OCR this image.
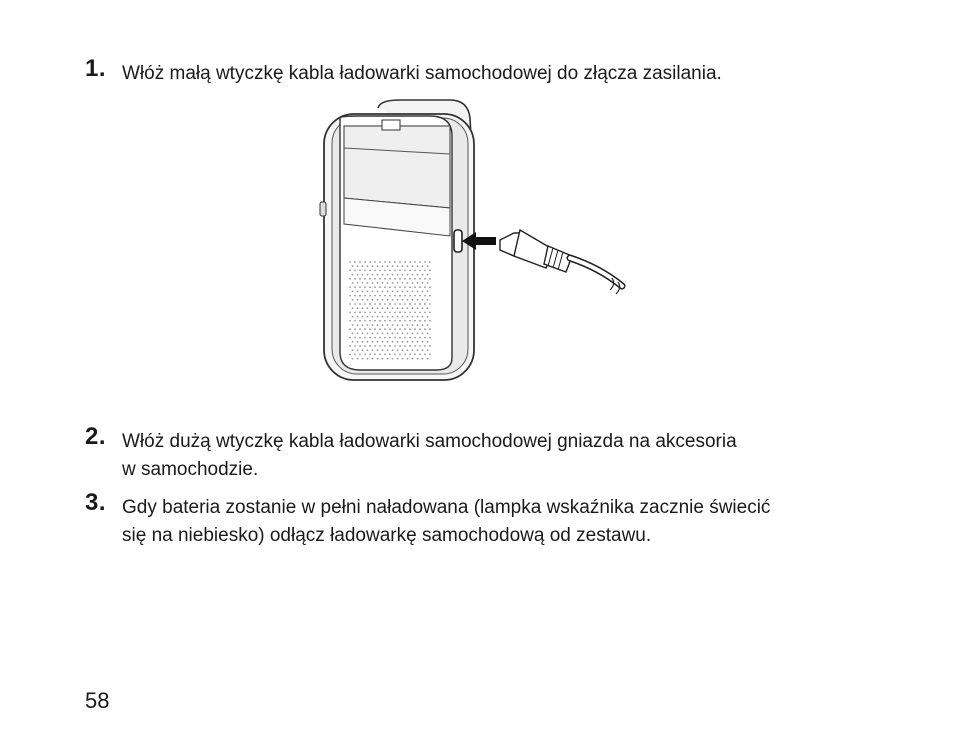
1. Włóż małą wtyczkę kabla ładowarki samochodowej do złącza zasilania.
2. Włóż dużą wtyczkę kabla ładowarki samochodowej gniazda na akcesoria
w samochodzie.
3. Gdy bateria zostanie w pełni naładowana (lampka wskaźnika zacznie świecić
się na niebiesko) odłącz ładowarkę samochodową od zestawu.
58
